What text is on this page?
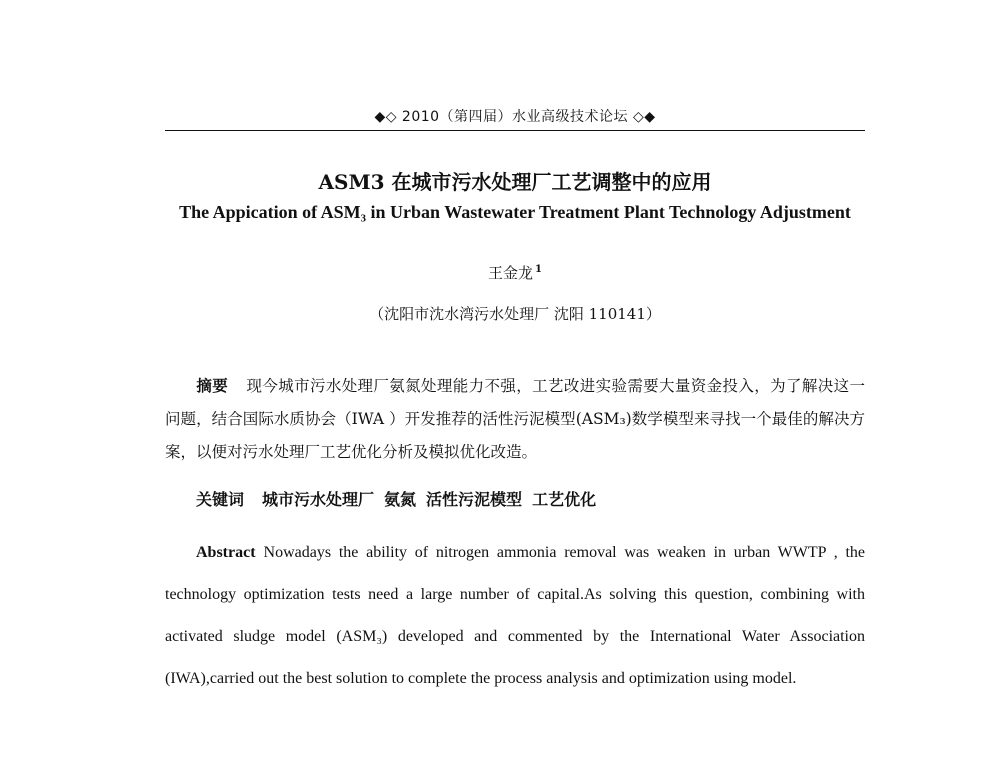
◆◇ 2010（第四届）水业高级技术论坛 ◇◆
ASM3 在城市污水处理厂工艺调整中的应用
The Appication of ASM₃ in Urban Wastewater Treatment Plant Technology Adjustment
王金龙 $^1$
（沈阳市沈水湾污水处理厂 沈阳 110141）
摘要 现今城市污水处理厂氨氮处理能力不强，工艺改进实验需要大量资金投入，为了解决这一问题，结合国际水质协会（IWA ）开发推荐的活性污泥模型(ASM₃)数学模型来寻找一个最佳的解决方案，以便对污水处理厂工艺优化分析及模拟优化改造。
关键词 城市污水处理厂 氨氮 活性污泥模型 工艺优化
Abstract Nowadays the ability of nitrogen ammonia removal was weaken in urban WWTP , the technology optimization tests need a large number of capital.As solving this question, combining with activated sludge model (ASM₃) developed and commented by the International Water Association (IWA),carried out the best solution to complete the process analysis and optimization using model.
